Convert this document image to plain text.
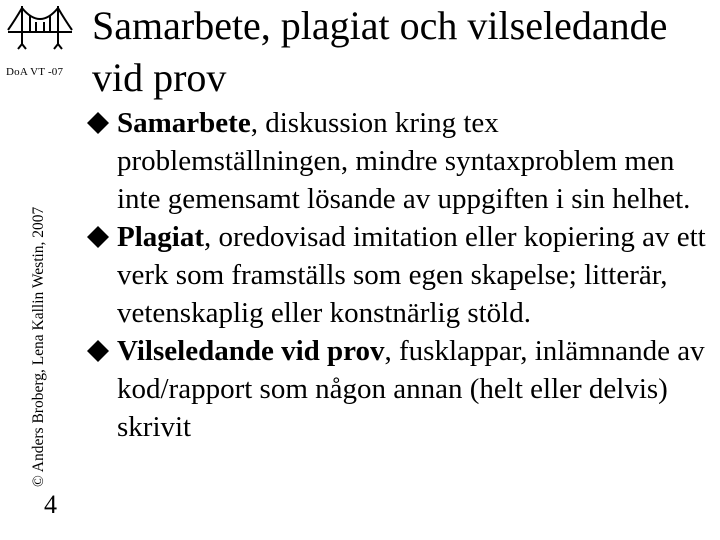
DoA VT -07
© Anders Broberg, Lena Kallin Westin, 2007
4
Samarbete, plagiat och vilseledande vid prov
Samarbete, diskussion kring tex problemställningen, mindre syntaxproblem men inte gemensamt lösande av uppgiften i sin helhet.
Plagiat, oredovisad imitation eller kopiering av ett verk som framställs som egen skapelse; litterär, vetenskaplig eller konstnärlig stöld.
Vilseledande vid prov, fusklappar, inlämnande av kod/rapport som någon annan (helt eller delvis) skrivit
